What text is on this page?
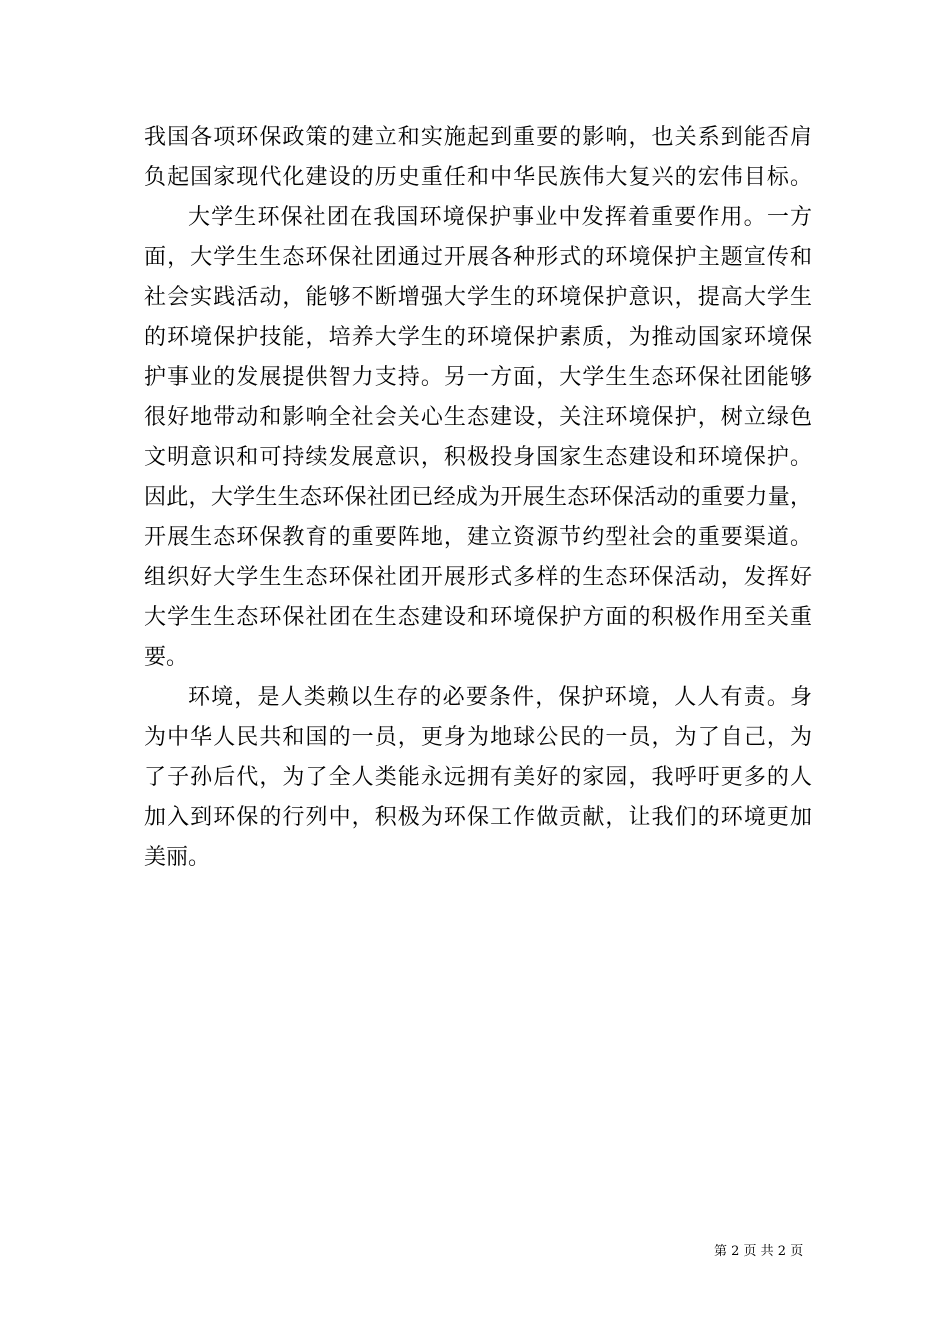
我国各项环保政策的建立和实施起到重要的影响，也关系到能否肩
负起国家现代化建设的历史重任和中华民族伟大复兴的宏伟目标。
大学生环保社团在我国环境保护事业中发挥着重要作用。一方
面，大学生生态环保社团通过开展各种形式的环境保护主题宣传和
社会实践活动，能够不断增强大学生的环境保护意识，提高大学生
的环境保护技能，培养大学生的环境保护素质，为推动国家环境保
护事业的发展提供智力支持。另一方面，大学生生态环保社团能够
很好地带动和影响全社会关心生态建设，关注环境保护，树立绿色
文明意识和可持续发展意识，积极投身国家生态建设和环境保护。
因此，大学生生态环保社团已经成为开展生态环保活动的重要力量，
开展生态环保教育的重要阵地，建立资源节约型社会的重要渠道。
组织好大学生生态环保社团开展形式多样的生态环保活动，发挥好
大学生生态环保社团在生态建设和环境保护方面的积极作用至关重
要。
环境，是人类赖以生存的必要条件，保护环境，人人有责。身
为中华人民共和国的一员，更身为地球公民的一员，为了自己，为
了子孙后代，为了全人类能永远拥有美好的家园，我呼吁更多的人
加入到环保的行列中，积极为环保工作做贡献，让我们的环境更加
美丽。
第 2 页 共 2 页
